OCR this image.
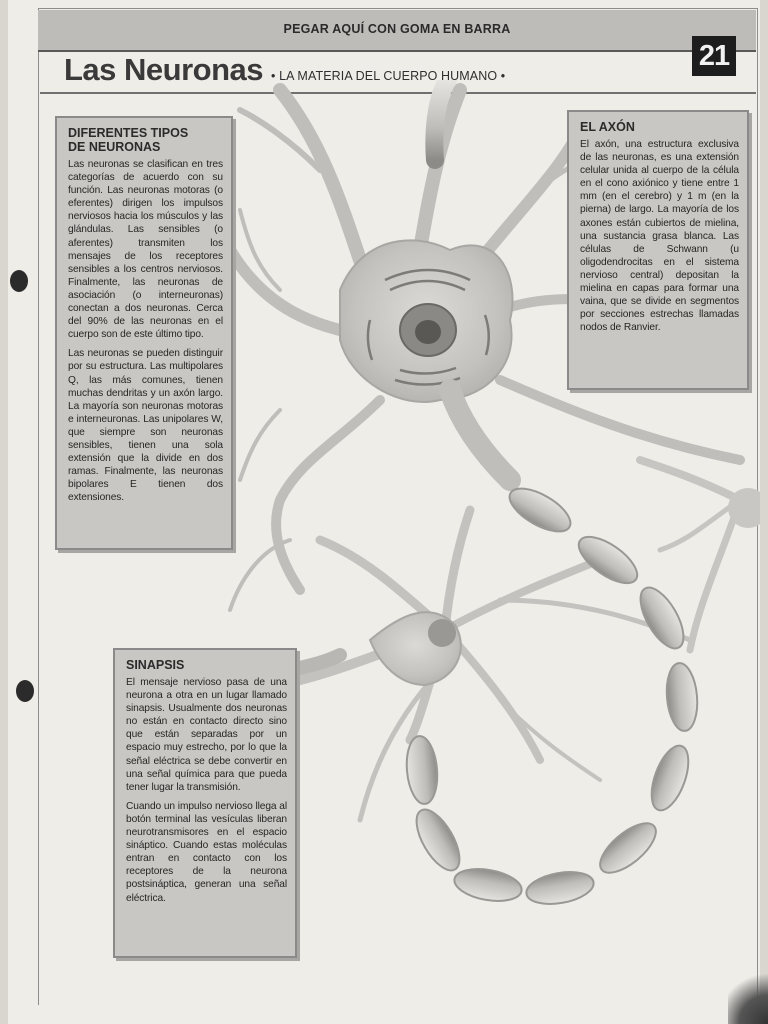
PEGAR AQUÍ CON GOMA EN BARRA
Las Neuronas • LA MATERIA DEL CUERPO HUMANO •
21
DIFERENTES TIPOS
DE NEURONAS

Las neuronas se clasifican en tres categorías de acuerdo con su función. Las neuronas motoras (o eferentes) dirigen los impulsos nerviosos hacia los músculos y las glándulas. Las sensibles (o aferentes) transmiten los mensajes de los receptores sensibles a los centros nerviosos. Finalmente, las neuronas de asociación (o interneuronas) conectan a dos neuronas. Cerca del 90% de las neuronas en el cuerpo son de este último tipo.

Las neuronas se pueden distinguir por su estructura. Las multipolares Q, las más comunes, tienen muchas dendritas y un axón largo. La mayoría son neuronas motoras e interneuronas. Las unipolares W, que siempre son neuronas sensibles, tienen una sola extensión que la divide en dos ramas. Finalmente, las neuronas bipolares E tienen dos extensiones.

EL AXÓN

El axón, una estructura exclusiva de las neuronas, es una extensión celular unida al cuerpo de la célula en el cono axiónico y tiene entre 1 mm (en el cerebro) y 1 m (en la pierna) de largo. La mayoría de los axones están cubiertos de mielina, una sustancia grasa blanca. Las células de Schwann (u oligodendrocitas en el sistema nervioso central) depositan la mielina en capas para formar una vaina, que se divide en segmentos por secciones estrechas llamadas nodos de Ranvier.

SINAPSIS

El mensaje nervioso pasa de una neurona a otra en un lugar llamado sinapsis. Usualmente dos neuronas no están en contacto directo sino que están separadas por un espacio muy estrecho, por lo que la señal eléctrica se debe convertir en una señal química para que pueda tener lugar la transmisión.

Cuando un impulso nervioso llega al botón terminal las vesículas liberan neurotransmisores en el espacio sináptico. Cuando estas moléculas entran en contacto con los receptores de la neurona postsináptica, generan una señal eléctrica.
